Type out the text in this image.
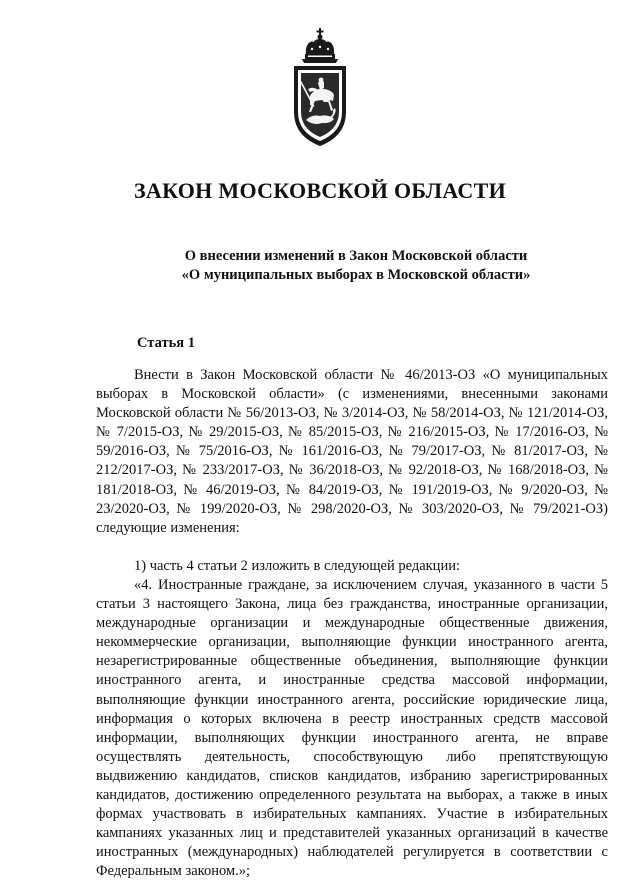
ЗАКОН МОСКОВСКОЙ ОБЛАСТИ
О внесении изменений в Закон Московской области
«О муниципальных выборах в Московской области»
Статья 1

Внести в Закон Московской области № 46/2013-ОЗ «О муниципальных выборах в Московской области» (с изменениями, внесенными законами Московской области № 56/2013-ОЗ, № 3/2014-ОЗ, № 58/2014-ОЗ, № 121/2014-ОЗ, № 7/2015-ОЗ, № 29/2015-ОЗ, № 85/2015-ОЗ, № 216/2015-ОЗ, № 17/2016-ОЗ, № 59/2016-ОЗ, № 75/2016-ОЗ, № 161/2016-ОЗ, № 79/2017-ОЗ, № 81/2017-ОЗ, № 212/2017-ОЗ, № 233/2017-ОЗ, № 36/2018-ОЗ, № 92/2018-ОЗ, № 168/2018-ОЗ, № 181/2018-ОЗ, № 46/2019-ОЗ, № 84/2019-ОЗ, № 191/2019-ОЗ, № 9/2020-ОЗ, № 23/2020-ОЗ, № 199/2020-ОЗ, № 298/2020-ОЗ, № 303/2020-ОЗ, № 79/2021-ОЗ) следующие изменения:

1) часть 4 статьи 2 изложить в следующей редакции:

«4. Иностранные граждане, за исключением случая, указанного в части 5 статьи 3 настоящего Закона, лица без гражданства, иностранные организации, международные организации и международные общественные движения, некоммерческие организации, выполняющие функции иностранного агента, незарегистрированные общественные объединения, выполняющие функции иностранного агента, и иностранные средства массовой информации, выполняющие функции иностранного агента, российские юридические лица, информация о которых включена в реестр иностранных средств массовой информации, выполняющих функции иностранного агента, не вправе осуществлять деятельность, способствующую либо препятствующую выдвижению кандидатов, списков кандидатов, избранию зарегистрированных кандидатов, достижению определенного результата на выборах, а также в иных формах участвовать в избирательных кампаниях. Участие в избирательных кампаниях указанных лиц и представителей указанных организаций в качестве иностранных (международных) наблюдателей регулируется в соответствии с Федеральным законом.»;
